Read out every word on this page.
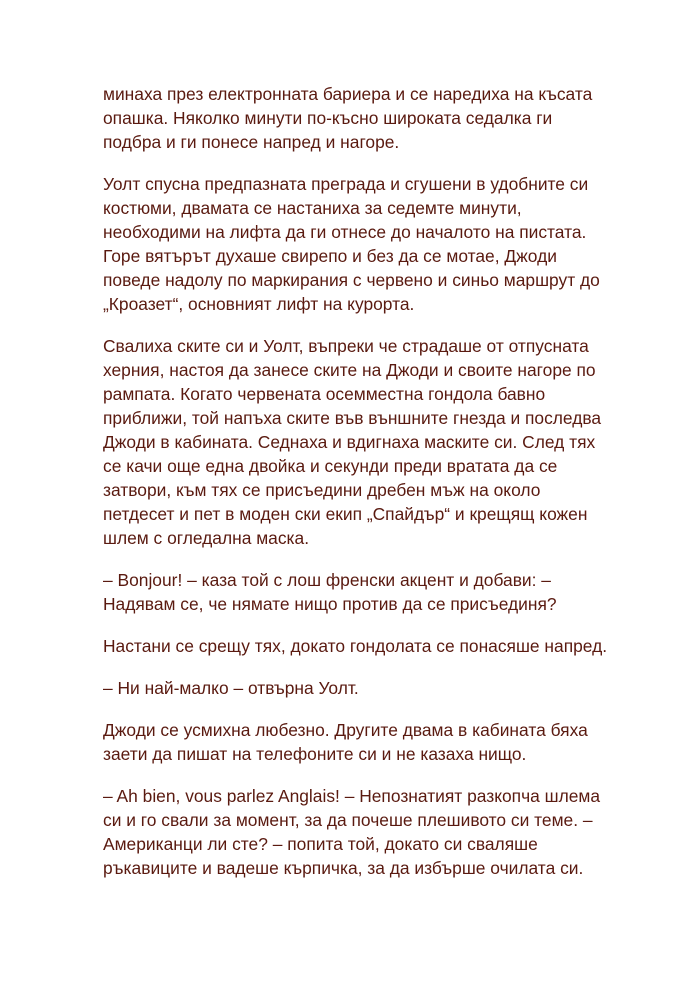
минаха през електронната бариера и се наредиха на късата опашка. Няколко минути по-късно широката седалка ги подбра и ги понесе напред и нагоре.

Уолт спусна предпазната преграда и сгушени в удобните си костюми, двамата се настаниха за седемте минути, необходими на лифта да ги отнесе до началото на пистата. Горе вятърът духаше свирепо и без да се мотае, Джоди поведе надолу по маркирания с червено и синьо маршрут до „Кроазет“, основният лифт на курорта.

Свалиха ските си и Уолт, въпреки че страдаше от отпусната херния, настоя да занесе ските на Джоди и своите нагоре по рампата. Когато червената осемместна гондола бавно приближи, той напъха ските във външните гнезда и последва Джоди в кабината. Седнаха и вдигнаха маските си. След тях се качи още една двойка и секунди преди вратата да се затвори, към тях се присъедини дребен мъж на около петдесет и пет в моден ски екип „Спайдър“ и крещящ кожен шлем с огледална маска.

– Bonjour! – каза той с лош френски акцент и добави: – Надявам се, че нямате нищо против да се присъединя?

Настани се срещу тях, докато гондолата се понасяше напред.

– Ни най-малко – отвърна Уолт.

Джоди се усмихна любезно. Другите двама в кабината бяха заети да пишат на телефоните си и не казаха нищо.

– Ah bien, vous parlez Anglais! – Непознатият разкопча шлема си и го свали за момент, за да почеше плешивото си теме. – Американци ли сте? – попита той, докато си сваляше ръкавиците и вадеше кърпичка, за да избърше очилата си.
